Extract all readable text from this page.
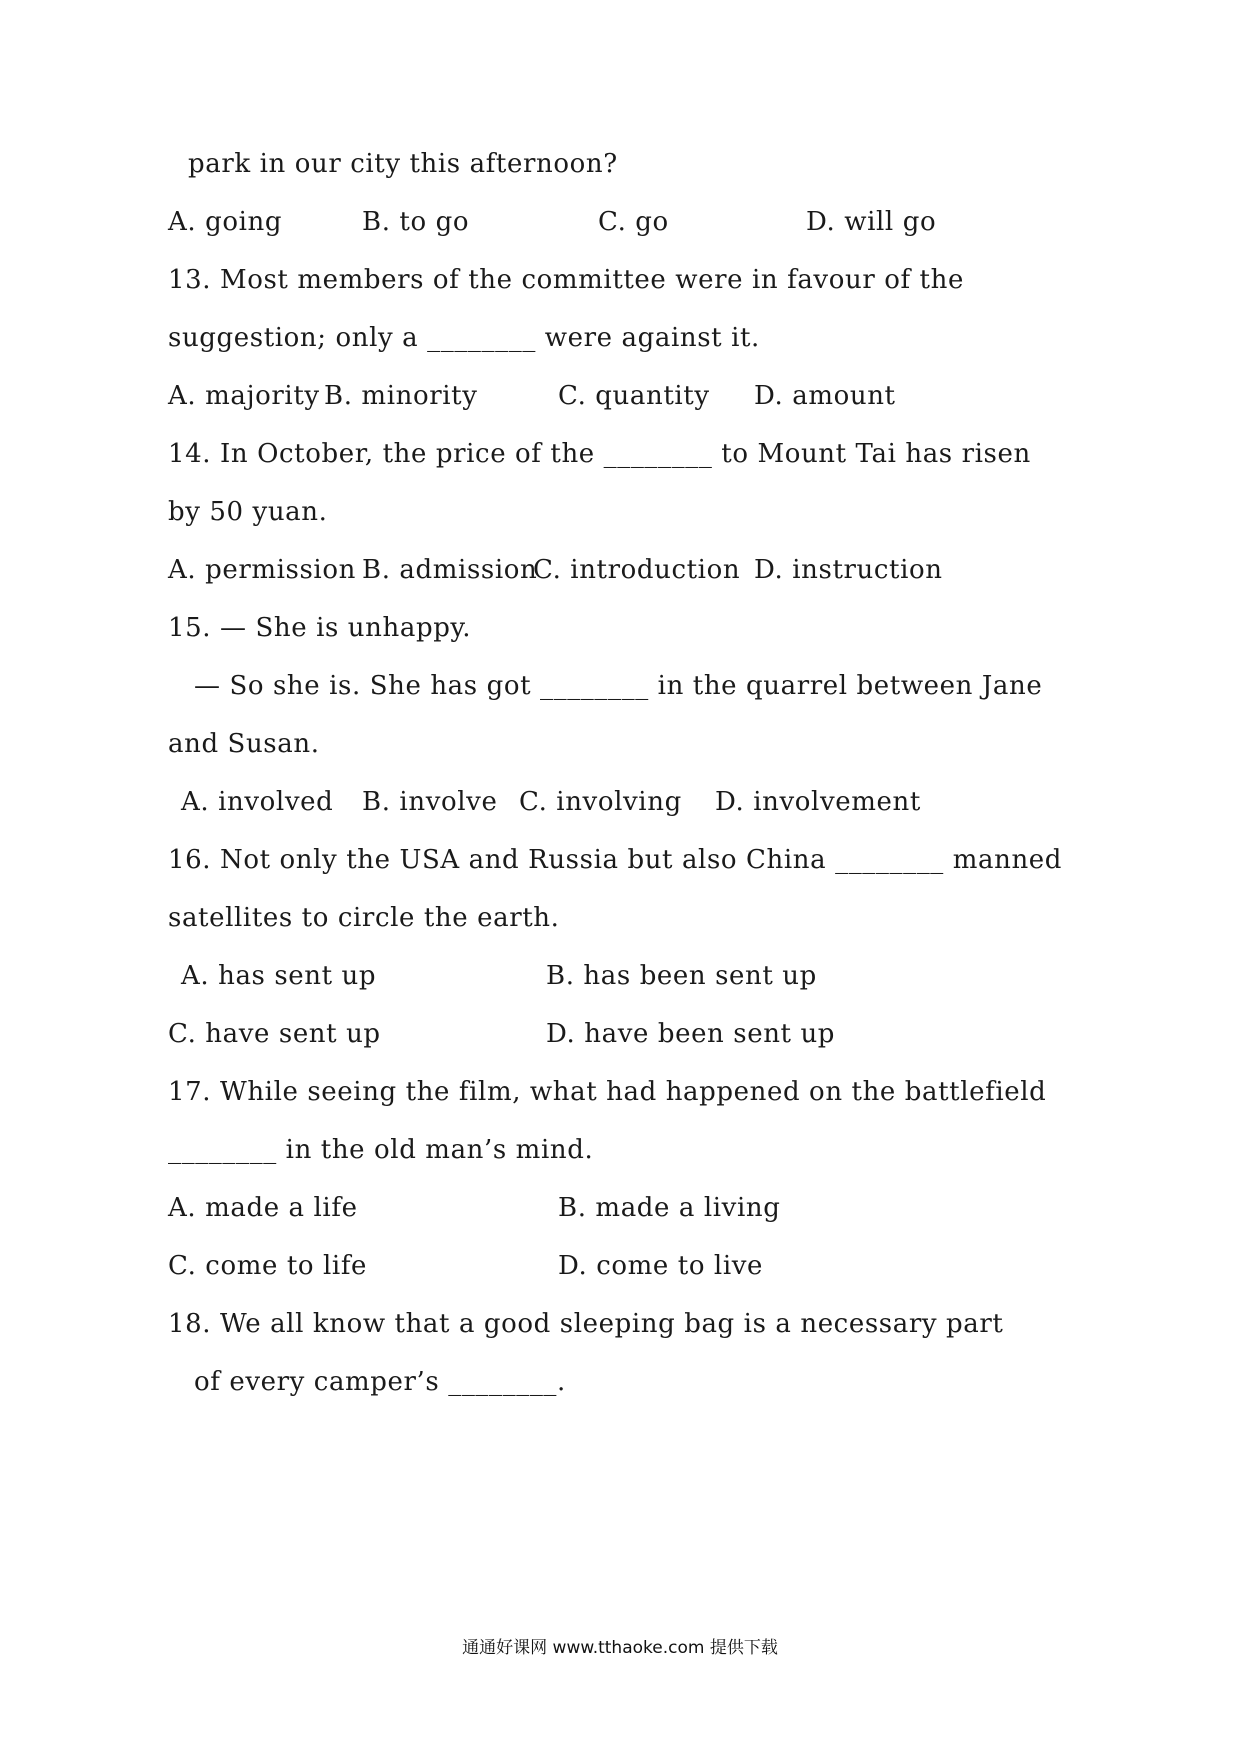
park in our city this afternoon?
A. going	B. to go	C. go	D. will go
13. Most members of the committee were in favour of the
suggestion; only a ________ were against it.
A. majority B. minority	C. quantity D. amount
14. In October, the price of the ________ to Mount Tai has risen
by 50 yuan.
A. permission B. admission
C. introduction D. instruction
15. — She is unhappy.
— So she is. She has got ________ in the quarrel between Jane
and Susan.
A. involved B. involve C. involving D. involvement
16. Not only the USA and Russia but also China ________ manned
satellites to circle the earth.
A. has sent up	B. has been sent up
C. have sent up	D. have been sent up
17. While seeing the film, what had happened on the battlefield
________ in the old man’s mind.
A. made a life	B. made a living
C. come to life	D. come to live
18. We all know that a good sleeping bag is a necessary part
of every camper’s ________.
通通好课网 www.tthaoke.com 提供下载
